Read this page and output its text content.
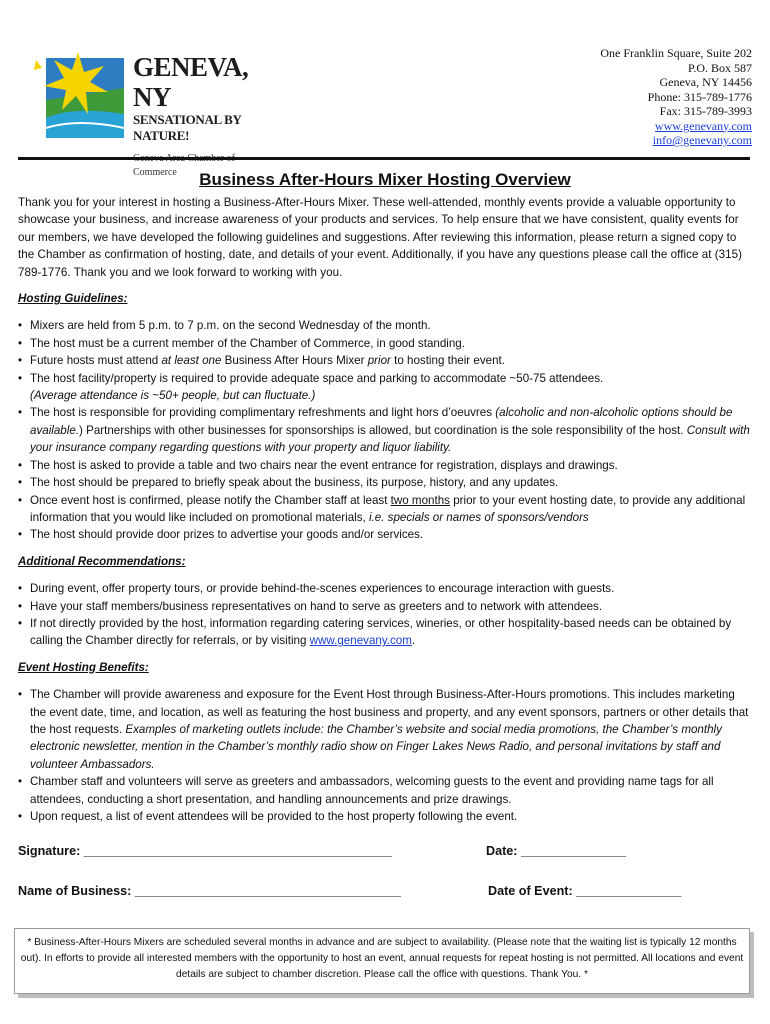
GENEVA, NY
SENSATIONAL BY NATURE!
Commerce
One Franklin Square, Suite 202
P.O. Box 587
Geneva, NY 14456
Phone: 315-789-1776
Fax: 315-789-3993
www.genevany.com
info@genevany.com
Business After-Hours Mixer Hosting Overview

Thank you for your interest in hosting a Business-After-Hours Mixer. These well-attended, monthly events provide a valuable opportunity to showcase your business, and increase awareness of your products and services. To help ensure that we have consistent, quality events for our members, we have developed the following guidelines and suggestions. After reviewing this information, please return a signed copy to the Chamber as confirmation of hosting, date, and details of your event. Additionally, if you have any questions please call the office at (315) 789-1776. Thank you and we look forward to working with you.

Hosting Guidelines:
• Mixers are held from 5 p.m. to 7 p.m. on the second Wednesday of the month.
• The host must be a current member of the Chamber of Commerce, in good standing.
• Future hosts must attend at least one Business After Hours Mixer prior to hosting their event.
• The host facility/property is required to provide adequate space and parking to accommodate ~50-75 attendees.
(Average attendance is ~50+ people, but can fluctuate.)
• The host is responsible for providing complimentary refreshments and light hors d’oeuvres (alcoholic and non-alcoholic options should be available.) Partnerships with other businesses for sponsorships is allowed, but coordination is the sole responsibility of the host. Consult with your insurance company regarding questions with your property and liquor liability.
• The host is asked to provide a table and two chairs near the event entrance for registration, displays and drawings.
• The host should be prepared to briefly speak about the business, its purpose, history, and any updates.
• Once event host is confirmed, please notify the Chamber staff at least two months prior to your event hosting date, to provide any additional information that you would like included on promotional materials, i.e. specials or names of sponsors/vendors
• The host should provide door prizes to advertise your goods and/or services.
Additional Recommendations:
• During event, offer property tours, or provide behind-the-scenes experiences to encourage interaction with guests.
• Have your staff members/business representatives on hand to serve as greeters and to network with attendees.
• If not directly provided by the host, information regarding catering services, wineries, or other hospitality-based needs can be obtained by calling the Chamber directly for referrals, or by visiting www.genevany.com.
Event Hosting Benefits:
• The Chamber will provide awareness and exposure for the Event Host through Business-After-Hours promotions. This includes marketing the event date, time, and location, as well as featuring the host business and property, and any event sponsors, partners or other details that the host requests. Examples of marketing outlets include: the Chamber’s website and social media promotions, the Chamber’s monthly electronic newsletter, mention in the Chamber’s monthly radio show on Finger Lakes News Radio, and personal invitations by staff and volunteer Ambassadors.
• Chamber staff and volunteers will serve as greeters and ambassadors, welcoming guests to the event and providing name tags for all attendees, conducting a short presentation, and handling announcements and prize drawings.
• Upon request, a list of event attendees will be provided to the host property following the event.
Signature: ____________________________________________	Date: _______________
Name of Business: ______________________________________	Date of Event: _______________
* Business-After-Hours Mixers are scheduled several months in advance and are subject to availability. (Please note that the waiting list is typically 12 months out). In efforts to provide all interested members with the opportunity to host an event, annual requests for repeat hosting is not permitted. All locations and event details are subject to chamber discretion. Please call the office with questions. Thank You. *
